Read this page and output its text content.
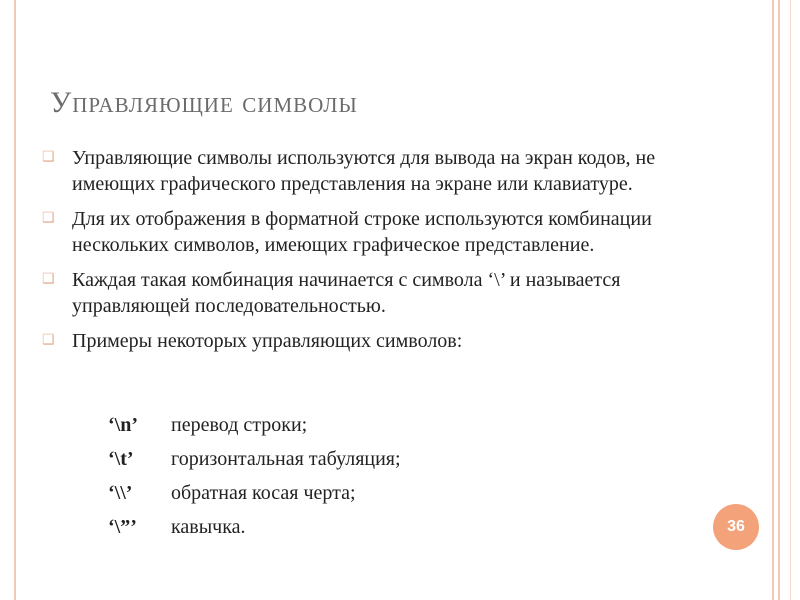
Управляющие символы
❑ Управляющие символы используются для вывода на экран кодов, не имеющих графического представления на экране или клавиатуре.
❑ Для их отображения в форматной строке используются комбинации нескольких символов, имеющих графическое представление.
❑ Каждая такая комбинация начинается с символа ‘\’ и называется управляющей последовательностью.
❑ Примеры некоторых управляющих символов:
‘\n’ перевод строки;
‘\t’ горизонтальная табуляция;
‘\\’ обратная косая черта;
‘\”’ кавычка.	36
